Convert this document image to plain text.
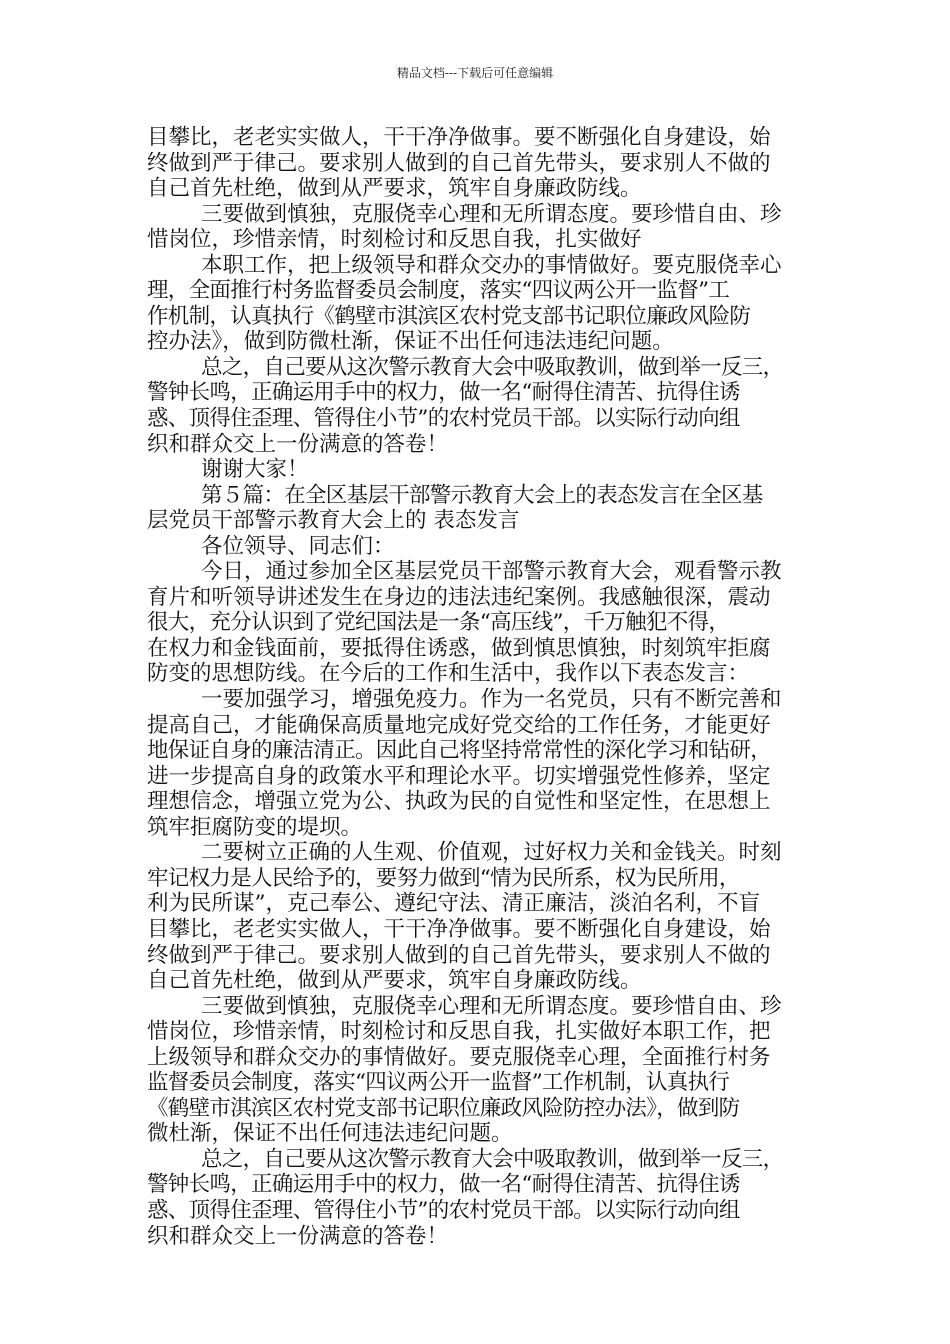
精品文档---下载后可任意编辑
目攀比，老老实实做人，干干净净做事。要不断强化自身建设，始
终做到严于律己。要求别人做到的自己首先带头，要求别人不做的
自己首先杜绝，做到从严要求，筑牢自身廉政防线。
三要做到慎独，克服侥幸心理和无所谓态度。要珍惜自由、珍
惜岗位，珍惜亲情，时刻检讨和反思自我，扎实做好
本职工作，把上级领导和群众交办的事情做好。要克服侥幸心
理，全面推行村务监督委员会制度，落实“四议两公开一监督”工
作机制，认真执行《鹤壁市淇滨区农村党支部书记职位廉政风险防
控办法》，做到防微杜渐，保证不出任何违法违纪问题。
总之，自己要从这次警示教育大会中吸取教训，做到举一反三，
警钟长鸣，正确运用手中的权力，做一名“耐得住清苦、抗得住诱
惑、顶得住歪理、管得住小节”的农村党员干部。以实际行动向组
织和群众交上一份满意的答卷！
谢谢大家！
第５篇：在全区基层干部警示教育大会上的表态发言在全区基
层党员干部警示教育大会上的 表态发言
各位领导、同志们：
今日，通过参加全区基层党员干部警示教育大会，观看警示教
育片和听领导讲述发生在身边的违法违纪案例。我感触很深，震动
很大，充分认识到了党纪国法是一条“高压线”，千万触犯不得，
在权力和金钱面前，要抵得住诱惑，做到慎思慎独，时刻筑牢拒腐
防变的思想防线。在今后的工作和生活中，我作以下表态发言：
一要加强学习，增强免疫力。作为一名党员，只有不断完善和
提高自己，才能确保高质量地完成好党交给的工作任务，才能更好
地保证自身的廉洁清正。因此自己将坚持常常性的深化学习和钻研，
进一步提高自身的政策水平和理论水平。切实增强党性修养，坚定
理想信念，增强立党为公、执政为民的自觉性和坚定性，在思想上
筑牢拒腐防变的堤坝。
二要树立正确的人生观、价值观，过好权力关和金钱关。时刻
牢记权力是人民给予的，要努力做到“情为民所系，权为民所用，
利为民所谋”，克己奉公、遵纪守法、清正廉洁，淡泊名利，不盲
目攀比，老老实实做人，干干净净做事。要不断强化自身建设，始
终做到严于律己。要求别人做到的自己首先带头，要求别人不做的
自己首先杜绝，做到从严要求，筑牢自身廉政防线。
三要做到慎独，克服侥幸心理和无所谓态度。要珍惜自由、珍
惜岗位，珍惜亲情，时刻检讨和反思自我，扎实做好本职工作，把
上级领导和群众交办的事情做好。要克服侥幸心理，全面推行村务
监督委员会制度，落实“四议两公开一监督”工作机制，认真执行
《鹤壁市淇滨区农村党支部书记职位廉政风险防控办法》，做到防
微杜渐，保证不出任何违法违纪问题。
总之，自己要从这次警示教育大会中吸取教训，做到举一反三，
警钟长鸣，正确运用手中的权力，做一名“耐得住清苦、抗得住诱
惑、顶得住歪理、管得住小节”的农村党员干部。以实际行动向组
织和群众交上一份满意的答卷！
